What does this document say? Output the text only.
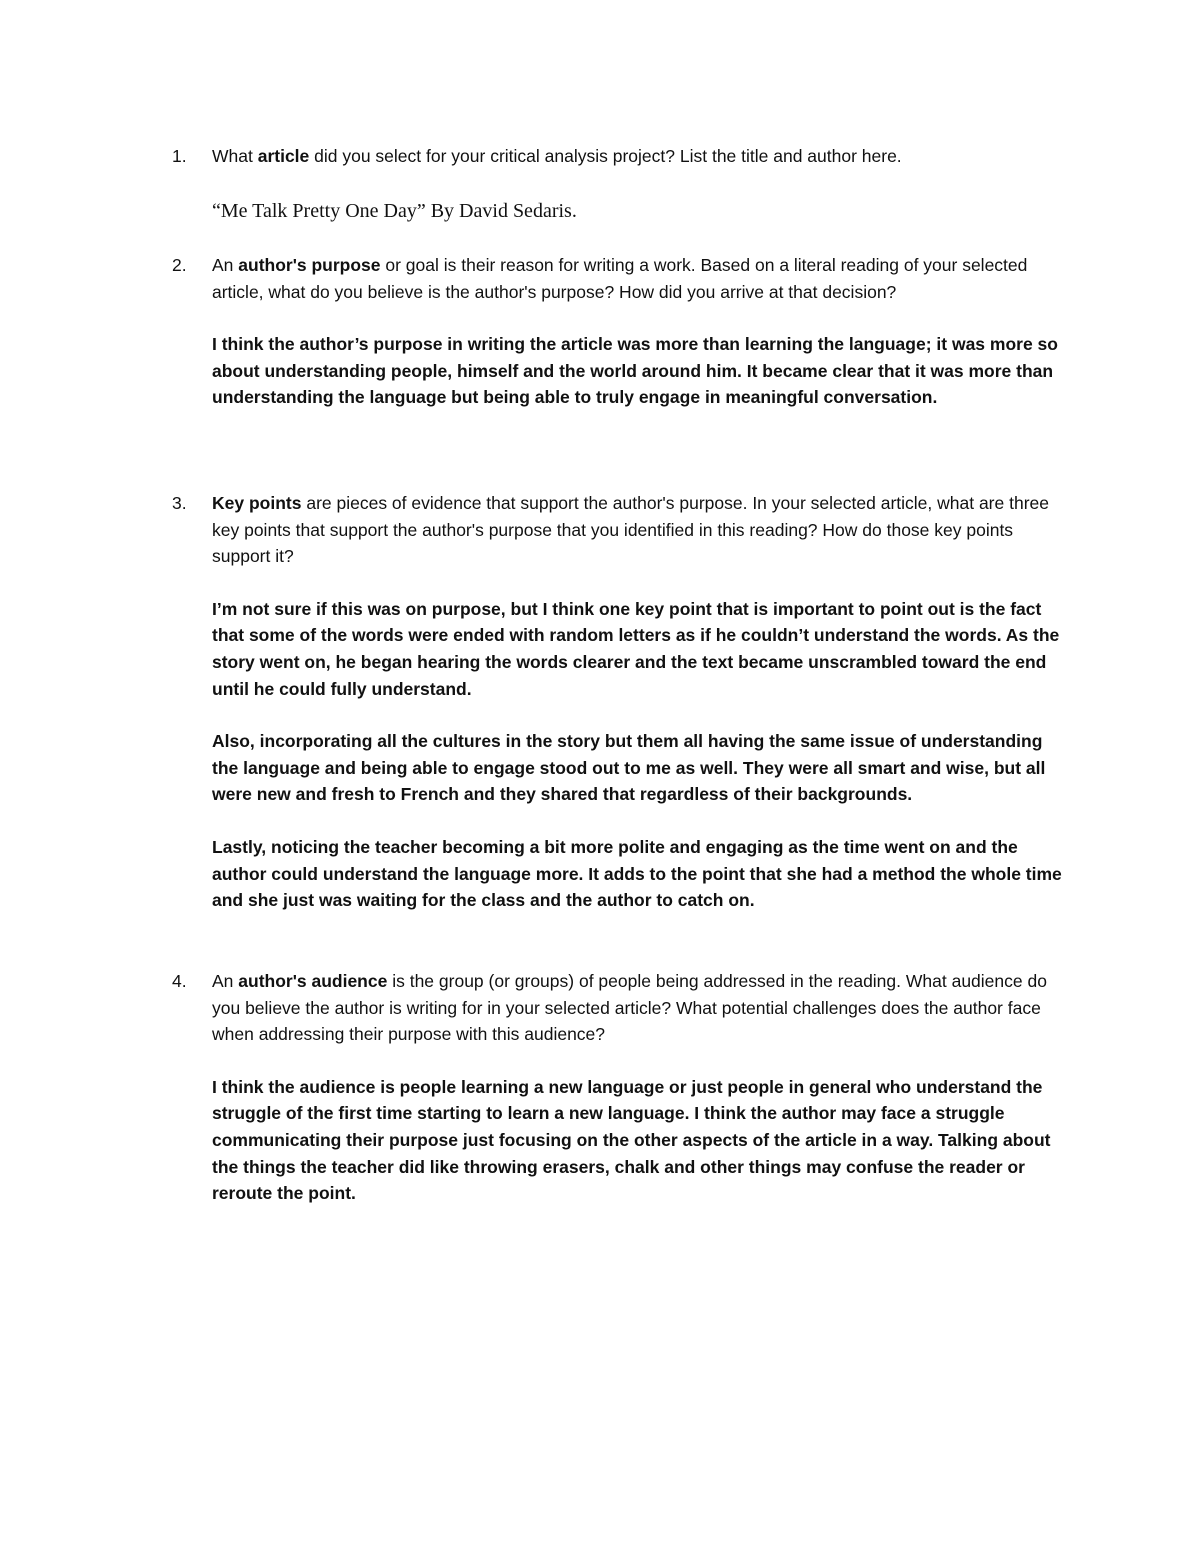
1. What article did you select for your critical analysis project? List the title and author here.
“Me Talk Pretty One Day” By David Sedaris.
2. An author's purpose or goal is their reason for writing a work. Based on a literal reading of your selected article, what do you believe is the author's purpose? How did you arrive at that decision?
I think the author’s purpose in writing the article was more than learning the language; it was more so about understanding people, himself and the world around him. It became clear that it was more than understanding the language but being able to truly engage in meaningful conversation.
3. Key points are pieces of evidence that support the author's purpose. In your selected article, what are three key points that support the author's purpose that you identified in this reading? How do those key points support it?
I’m not sure if this was on purpose, but I think one key point that is important to point out is the fact that some of the words were ended with random letters as if he couldn’t understand the words. As the story went on, he began hearing the words clearer and the text became unscrambled toward the end until he could fully understand.
Also, incorporating all the cultures in the story but them all having the same issue of understanding the language and being able to engage stood out to me as well. They were all smart and wise, but all were new and fresh to French and they shared that regardless of their backgrounds.
Lastly, noticing the teacher becoming a bit more polite and engaging as the time went on and the author could understand the language more. It adds to the point that she had a method the whole time and she just was waiting for the class and the author to catch on.
4. An author's audience is the group (or groups) of people being addressed in the reading. What audience do you believe the author is writing for in your selected article? What potential challenges does the author face when addressing their purpose with this audience?
I think the audience is people learning a new language or just people in general who understand the struggle of the first time starting to learn a new language. I think the author may face a struggle communicating their purpose just focusing on the other aspects of the article in a way. Talking about the things the teacher did like throwing erasers, chalk and other things may confuse the reader or reroute the point.
